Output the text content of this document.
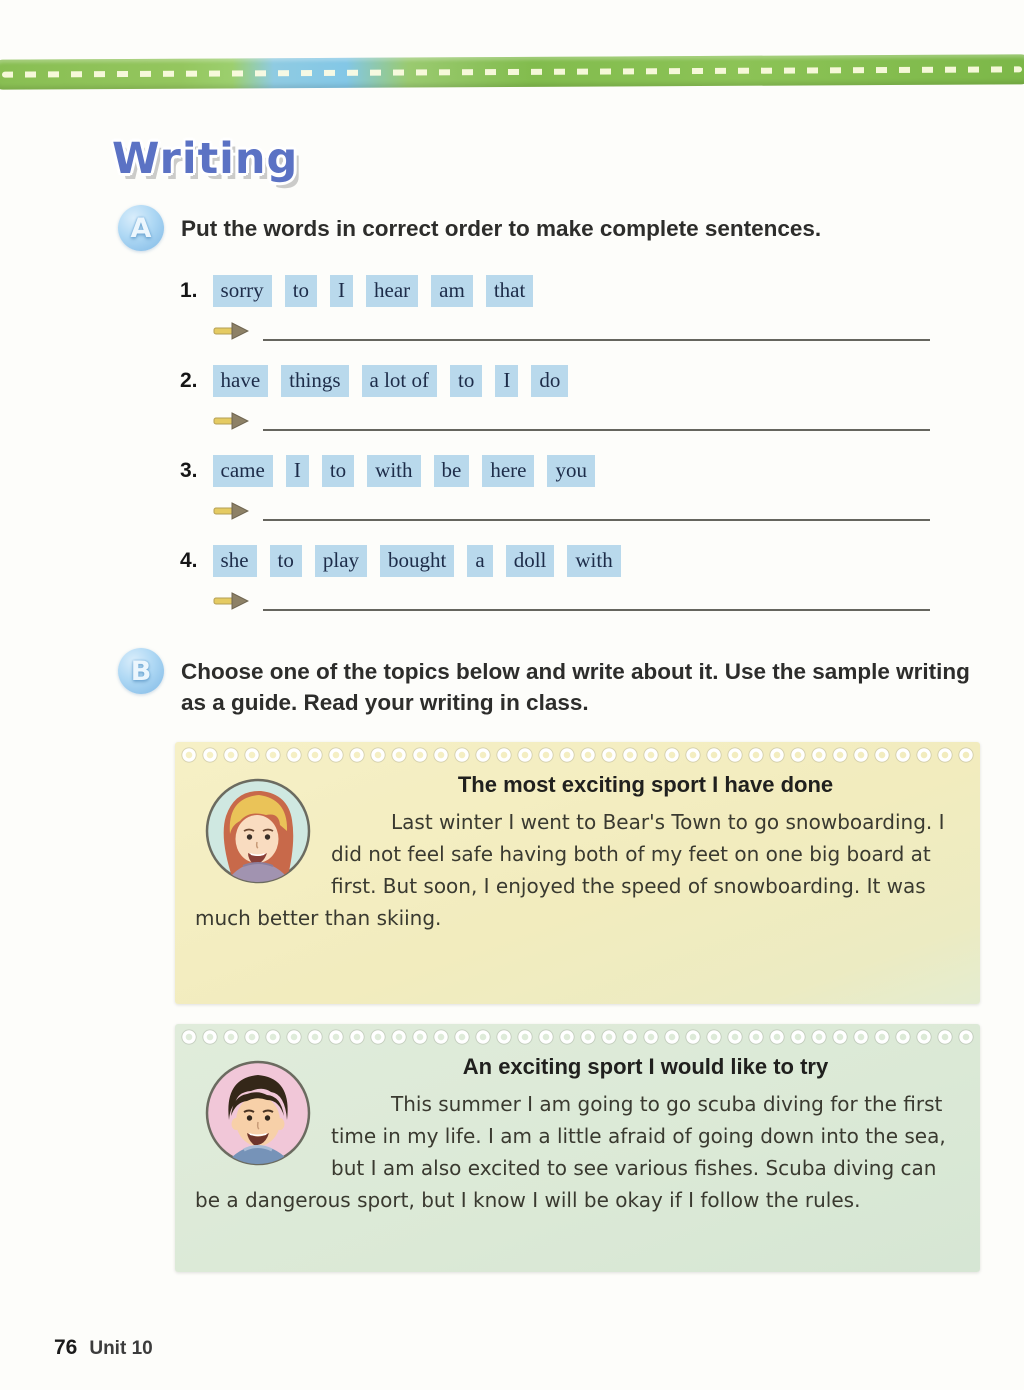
Writing
A	Put the words in correct order to make complete sentences.
1.	sorry	to	I	hear	am	that
2.	have	things	a lot of	to	I	do
3.	came	I	to	with	be	here	you
4.	she	to	play	bought	a	doll	with
B	Choose one of the topics below and write about it. Use the sample writing as a guide. Read your writing in class.
The most exciting sport I have done

Last winter I went to Bear's Town to go snowboarding. I did not feel safe having both of my feet on one big board at first. But soon, I enjoyed the speed of snowboarding. It was much better than skiing.

An exciting sport I would like to try

This summer I am going to go scuba diving for the first time in my life. I am a little afraid of going down into the sea, but I am also excited to see various fishes. Scuba diving can be a dangerous sport, but I know I will be okay if I follow the rules.

76 Unit 10
